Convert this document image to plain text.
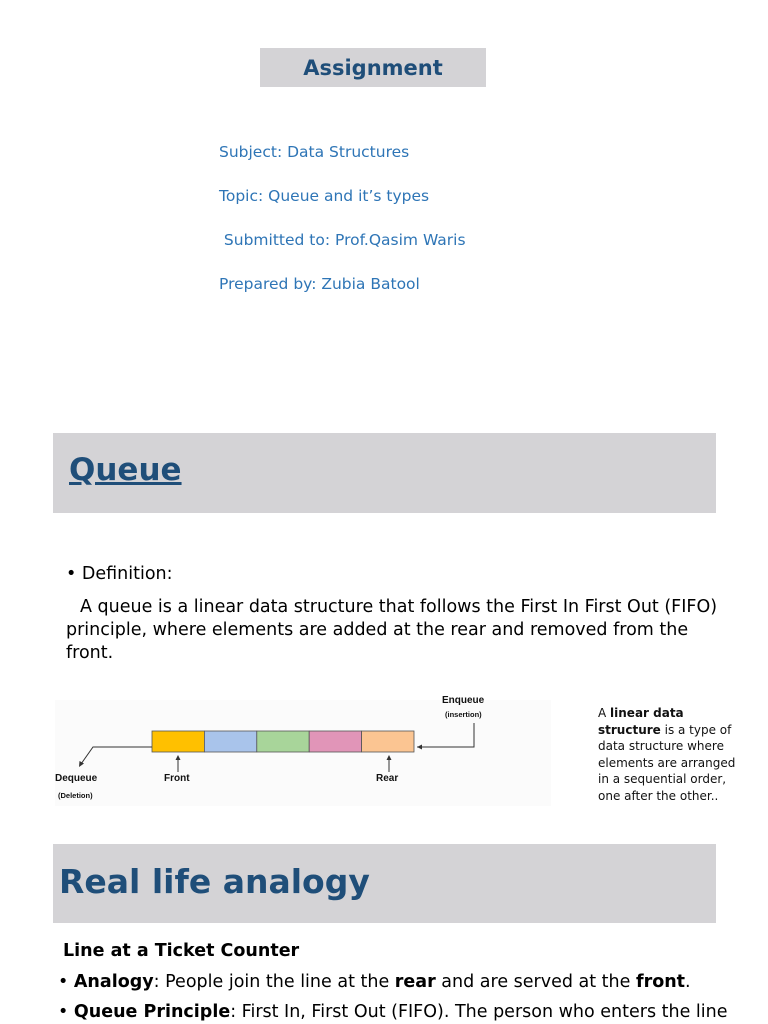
Assignment
Subject: Data Structures
Topic: Queue and it’s types
Submitted to: Prof.Qasim Waris
Prepared by: Zubia Batool
Queue
• Definition:
A queue is a linear data structure that follows the First In First Out (FIFO) principle, where elements are added at the rear and removed from the front.
Enqueue
(insertion)
Dequeue
(Deletion)
Front	Rear
A linear data structure is a type of data structure where elements are arranged in a sequential order, one after the other..
Real life analogy
Line at a Ticket Counter
• Analogy: People join the line at the rear and are served at the front.
• Queue Principle: First In, First Out (FIFO). The person who enters the line
